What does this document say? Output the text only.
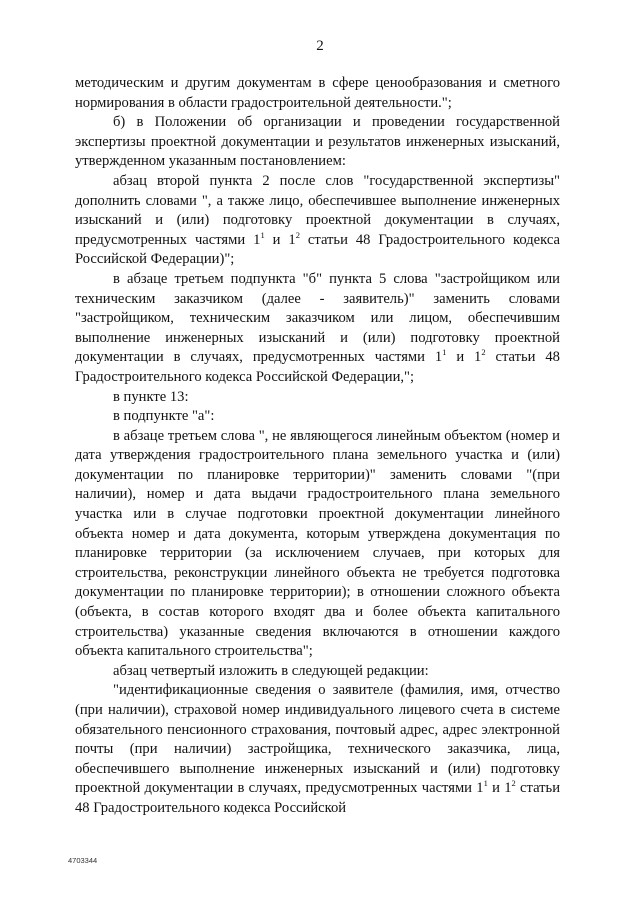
2

методическим и другим документам в сфере ценообразования и сметного нормирования в области градостроительной деятельности.";

б) в Положении об организации и проведении государственной экспертизы проектной документации и результатов инженерных изысканий, утвержденном указанным постановлением:

абзац второй пункта 2 после слов "государственной экспертизы" дополнить словами ", а также лицо, обеспечившее выполнение инженерных изысканий и (или) подготовку проектной документации в случаях, предусмотренных частями $1^1$ и $1^2$ статьи 48 Градостроительного кодекса Российской Федерации)";

в абзаце третьем подпункта "б" пункта 5 слова "застройщиком или техническим заказчиком (далее - заявитель)" заменить словами "застройщиком, техническим заказчиком или лицом, обеспечившим выполнение инженерных изысканий и (или) подготовку проектной документации в случаях, предусмотренных частями $1^1$ и $1^2$ статьи 48 Градостроительного кодекса Российской Федерации,";

в пункте 13:

в подпункте "а":

в абзаце третьем слова ", не являющегося линейным объектом (номер и дата утверждения градостроительного плана земельного участка и (или) документации по планировке территории)" заменить словами "(при наличии), номер и дата выдачи градостроительного плана земельного участка или в случае подготовки проектной документации линейного объекта номер и дата документа, которым утверждена документация по планировке территории (за исключением случаев, при которых для строительства, реконструкции линейного объекта не требуется подготовка документации по планировке территории); в отношении сложного объекта (объекта, в состав которого входят два и более объекта капитального строительства) указанные сведения включаются в отношении каждого объекта капитального строительства";

абзац четвертый изложить в следующей редакции:

"идентификационные сведения о заявителе (фамилия, имя, отчество (при наличии), страховой номер индивидуального лицевого счета в системе обязательного пенсионного страхования, почтовый адрес, адрес электронной почты (при наличии) застройщика, технического заказчика, лица, обеспечившего выполнение инженерных изысканий и (или) подготовку проектной документации в случаях, предусмотренных частями $1^1$ и $1^2$ статьи 48 Градостроительного кодекса Российской

4703344
